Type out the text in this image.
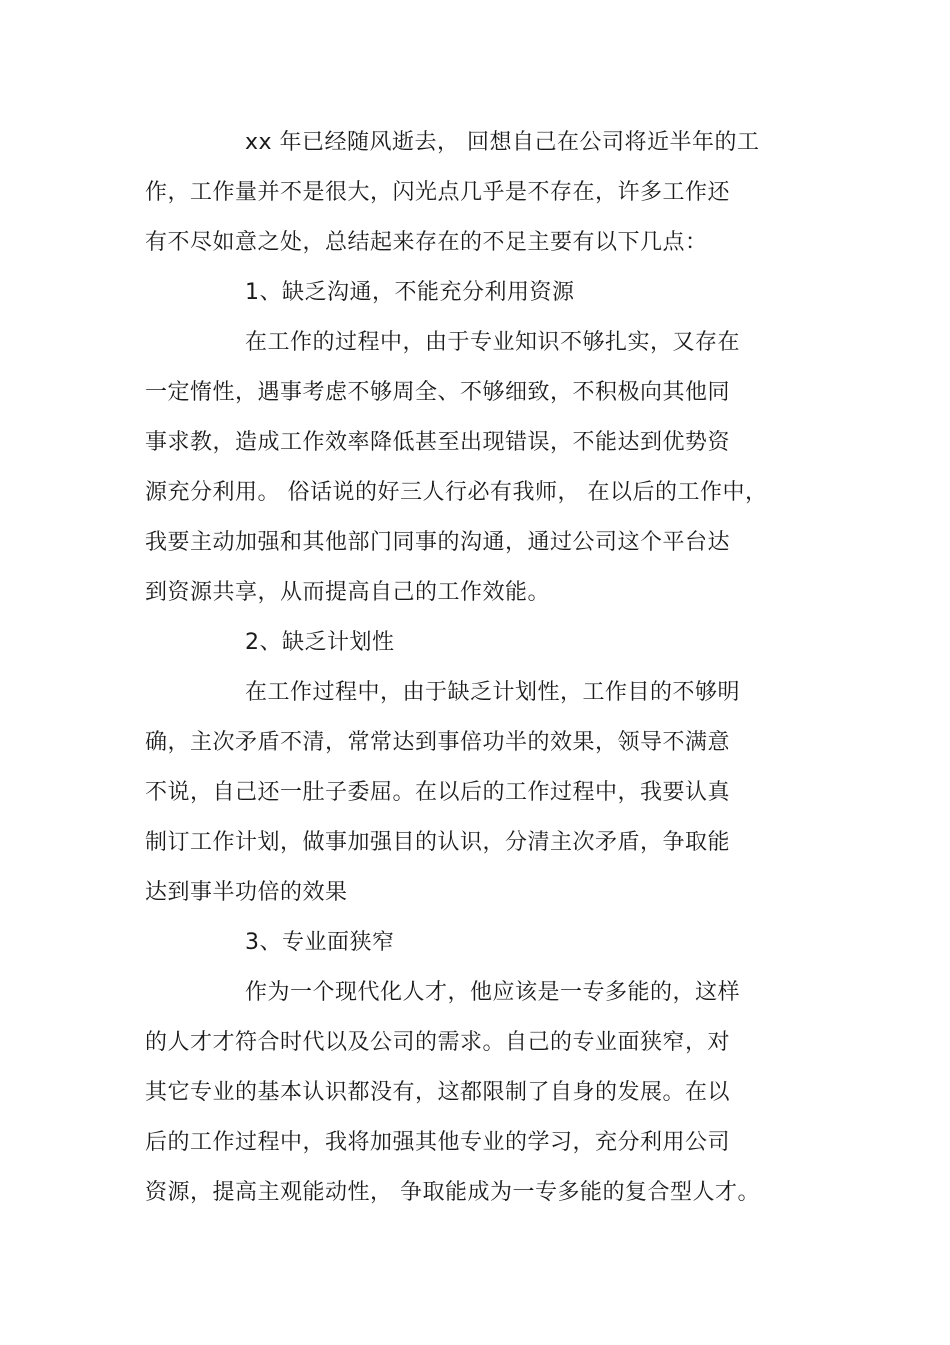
xx 年已经随风逝去， 回想自己在公司将近半年的工
作，工作量并不是很大，闪光点几乎是不存在，许多工作还
有不尽如意之处，总结起来存在的不足主要有以下几点：
1、缺乏沟通，不能充分利用资源
在工作的过程中，由于专业知识不够扎实，又存在
一定惰性，遇事考虑不够周全、不够细致，不积极向其他同
事求教，造成工作效率降低甚至出现错误，不能达到优势资
源充分利用。 俗话说的好三人行必有我师， 在以后的工作中，
我要主动加强和其他部门同事的沟通，通过公司这个平台达
到资源共享，从而提高自己的工作效能。
2、缺乏计划性
在工作过程中，由于缺乏计划性，工作目的不够明
确，主次矛盾不清，常常达到事倍功半的效果，领导不满意
不说，自己还一肚子委屈。在以后的工作过程中，我要认真
制订工作计划，做事加强目的认识，分清主次矛盾，争取能
达到事半功倍的效果
3、专业面狭窄
作为一个现代化人才，他应该是一专多能的，这样
的人才才符合时代以及公司的需求。自己的专业面狭窄，对
其它专业的基本认识都没有，这都限制了自身的发展。在以
后的工作过程中，我将加强其他专业的学习，充分利用公司
资源，提高主观能动性， 争取能成为一专多能的复合型人才。
